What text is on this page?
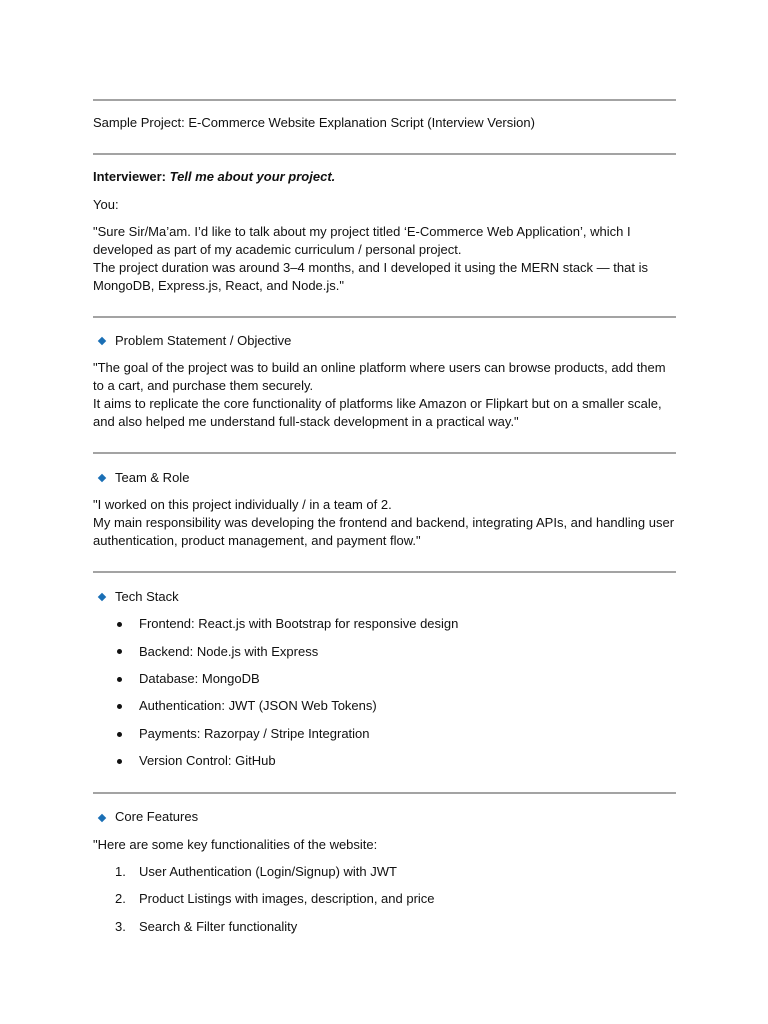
Sample Project: E-Commerce Website Explanation Script (Interview Version)
Interviewer: Tell me about your project.
You:
"Sure Sir/Ma’am. I’d like to talk about my project titled ‘E-Commerce Web Application’, which I
developed as part of my academic curriculum / personal project.
The project duration was around 3–4 months, and I developed it using the MERN stack — that is
MongoDB, Express.js, React, and Node.js."
Problem Statement / Objective
"The goal of the project was to build an online platform where users can browse products, add them
to a cart, and purchase them securely.
It aims to replicate the core functionality of platforms like Amazon or Flipkart but on a smaller scale,
and also helped me understand full-stack development in a practical way."
Team & Role
"I worked on this project individually / in a team of 2.
My main responsibility was developing the frontend and backend, integrating APIs, and handling user
authentication, product management, and payment flow."
Tech Stack
Frontend: React.js with Bootstrap for responsive design
Backend: Node.js with Express
Database: MongoDB
Authentication: JWT (JSON Web Tokens)
Payments: Razorpay / Stripe Integration
Version Control: GitHub
Core Features
"Here are some key functionalities of the website:
1. User Authentication (Login/Signup) with JWT
2. Product Listings with images, description, and price
3. Search & Filter functionality
